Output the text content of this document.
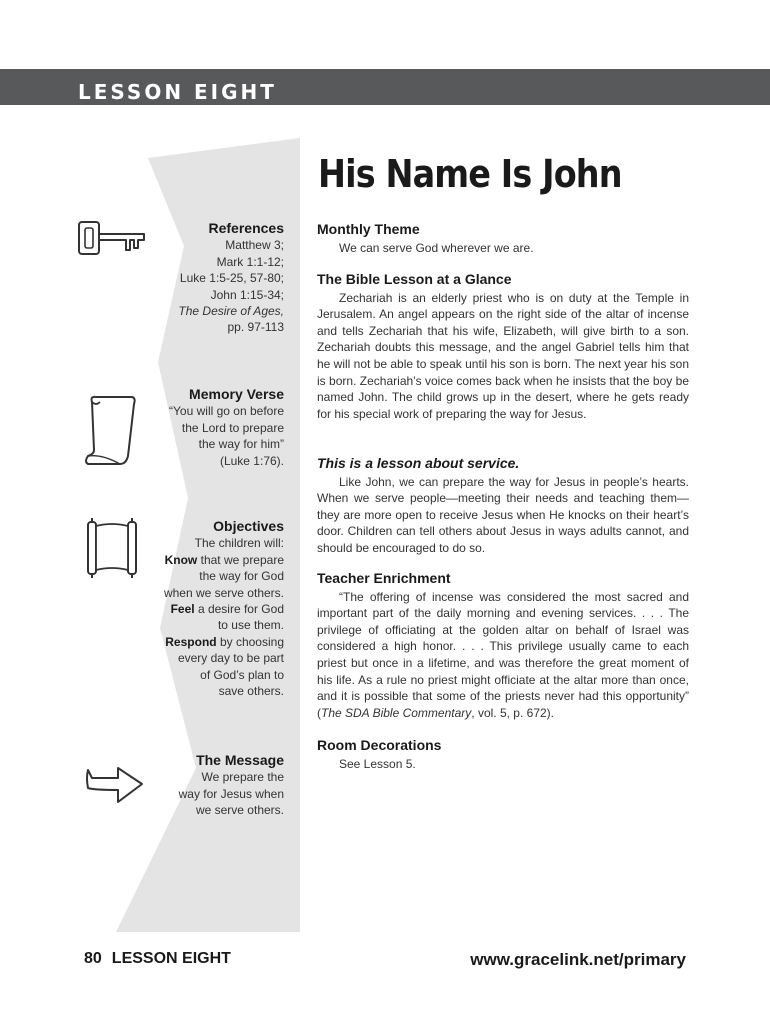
LESSON EIGHT
His Name Is John
References
Matthew 3;
Mark 1:1-12;
Luke 1:5-25, 57-80;
John 1:15-34;
The Desire of Ages,
pp. 97-113
Memory Verse
“You will go on before
the Lord to prepare
the way for him”
(Luke 1:76).
Objectives
The children will:
Know that we prepare
the way for God
when we serve others.
Feel a desire for God
to use them.
Respond by choosing
every day to be part
of God’s plan to
save others.
The Message
We prepare the
way for Jesus when
we serve others.
Monthly Theme

We can serve God wherever we are.

The Bible Lesson at a Glance

Zechariah is an elderly priest who is on duty at the Temple in Jerusalem. An angel appears on the right side of the altar of incense and tells Zechariah that his wife, Elizabeth, will give birth to a son. Zechariah doubts this message, and the angel Gabriel tells him that he will not be able to speak until his son is born. The next year his son is born. Zechariah’s voice comes back when he insists that the boy be named John. The child grows up in the desert, where he gets ready for his special work of preparing the way for Jesus.

This is a lesson about service.

Like John, we can prepare the way for Jesus in people’s hearts. When we serve people—meeting their needs and teaching them—they are more open to receive Jesus when He knocks on their heart’s door. Children can tell others about Jesus in ways adults cannot, and should be encouraged to do so.

Teacher Enrichment

“The offering of incense was considered the most sacred and important part of the daily morning and evening services. . . . The privilege of officiating at the golden altar on behalf of Israel was considered a high honor. . . . This privilege usually came to each priest but once in a lifetime, and was therefore the great moment of his life. As a rule no priest might officiate at the altar more than once, and it is possible that some of the priests never had this opportunity” (The SDA Bible Commentary, vol. 5, p. 672).

Room Decorations

See Lesson 5.

80 LESSON EIGHT	www.gracelink.net/primary
